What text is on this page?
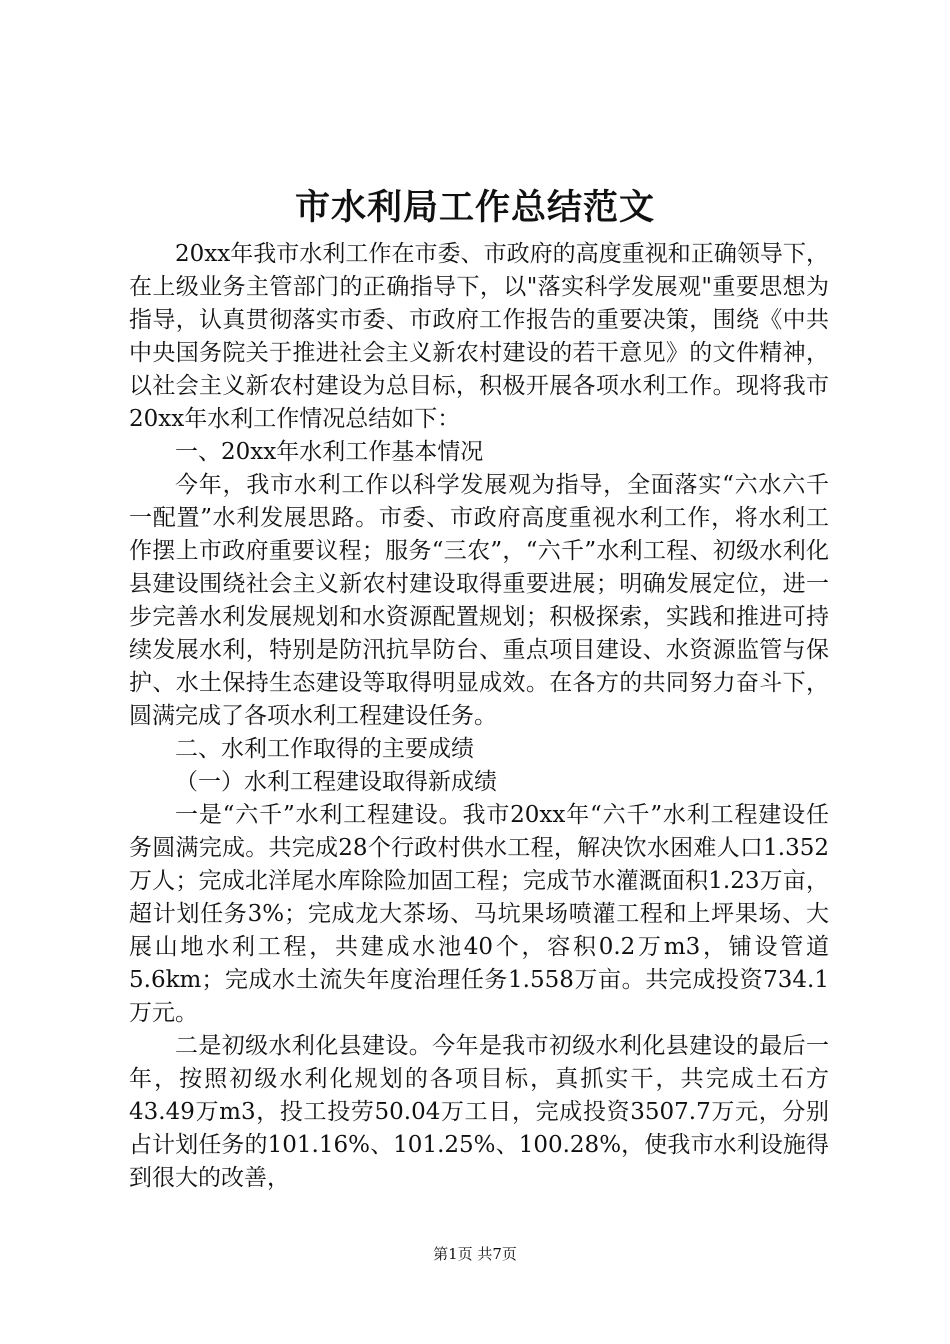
市水利局工作总结范文

20xx年我市水利工作在市委、市政府的高度重视和正确领导下，在上级业务主管部门的正确指导下，以"落实科学发展观"重要思想为指导，认真贯彻落实市委、市政府工作报告的重要决策，围绕《中共中央国务院关于推进社会主义新农村建设的若干意见》的文件精神，以社会主义新农村建设为总目标，积极开展各项水利工作。现将我市20xx年水利工作情况总结如下：

一、20xx年水利工作基本情况

今年，我市水利工作以科学发展观为指导，全面落实“六水六千一配置”水利发展思路。市委、市政府高度重视水利工作，将水利工作摆上市政府重要议程；服务“三农”，“六千”水利工程、初级水利化县建设围绕社会主义新农村建设取得重要进展；明确发展定位，进一步完善水利发展规划和水资源配置规划；积极探索，实践和推进可持续发展水利，特别是防汛抗旱防台、重点项目建设、水资源监管与保护、水土保持生态建设等取得明显成效。在各方的共同努力奋斗下，圆满完成了各项水利工程建设任务。

二、水利工作取得的主要成绩

（一）水利工程建设取得新成绩

一是“六千”水利工程建设。我市20xx年“六千”水利工程建设任务圆满完成。共完成28个行政村供水工程，解决饮水困难人口1.352万人；完成北洋尾水库除险加固工程；完成节水灌溉面积1.23万亩，超计划任务3%；完成龙大茶场、马坑果场喷灌工程和上坪果场、大展山地水利工程，共建成水池40个，容积0.2万m3，铺设管道5.6km；完成水土流失年度治理任务1.558万亩。共完成投资734.1万元。

二是初级水利化县建设。今年是我市初级水利化县建设的最后一年，按照初级水利化规划的各项目标，真抓实干，共完成土石方43.49万m3，投工投劳50.04万工日，完成投资3507.7万元，分别占计划任务的101.16%、101.25%、100.28%，使我市水利设施得到很大的改善，

第1页 共7页
